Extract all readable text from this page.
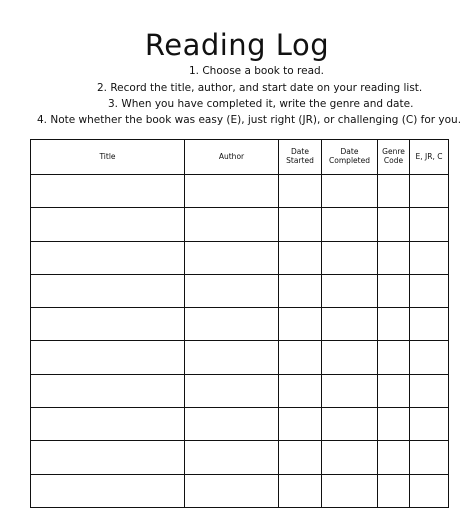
Reading Log
1. Choose a book to read.
2. Record the title, author, and start date on your reading list.
3. When you have completed it, write the genre and date.
4. Note whether the book was easy (E), just right (JR), or challenging (C) for you.
Title	Author	Date Started	Date Completed	Genre Code	E, JR, C
